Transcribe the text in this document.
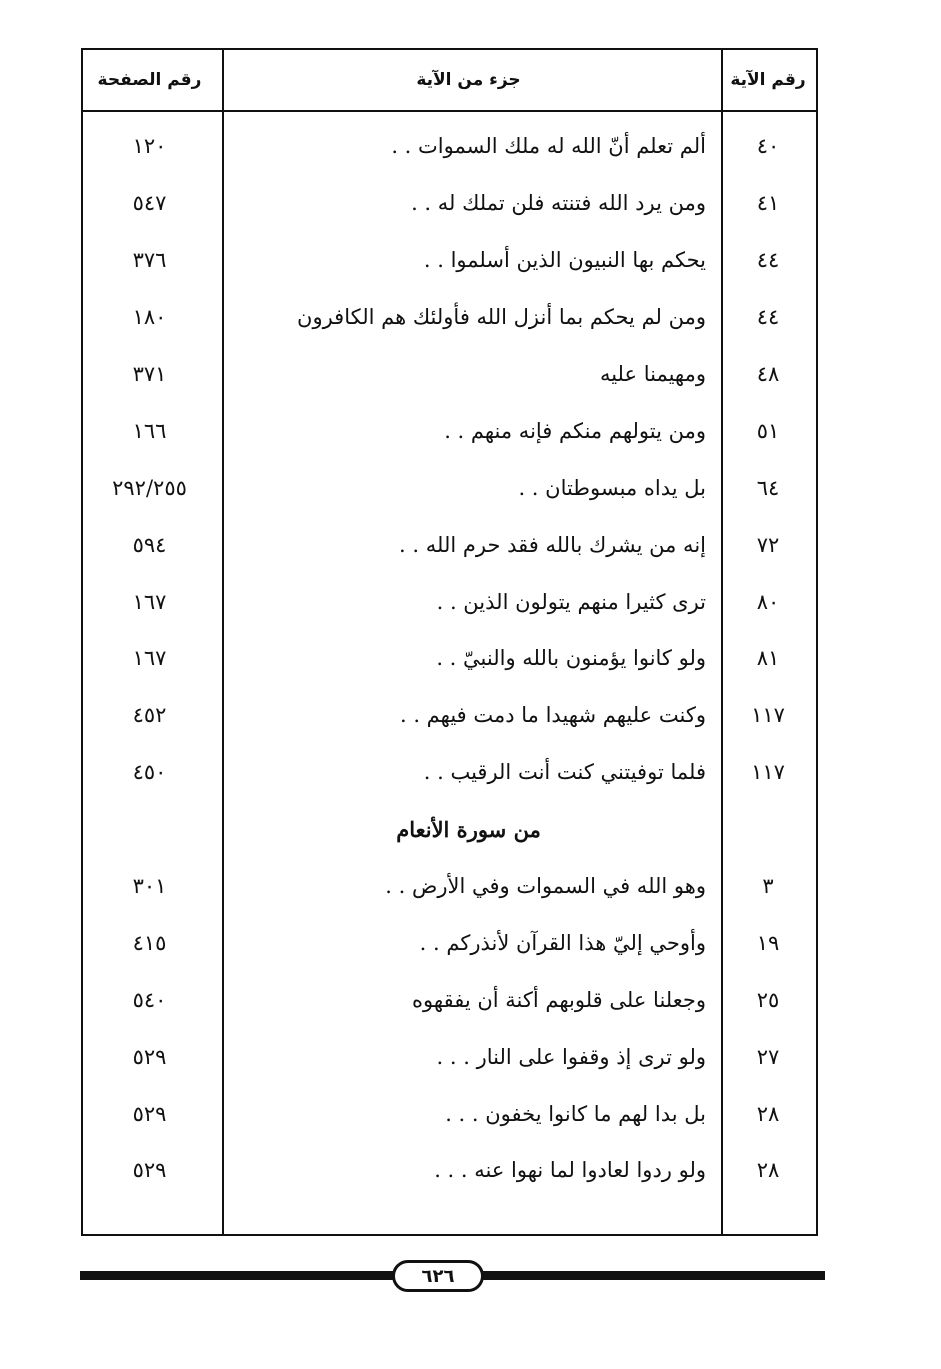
رقم الآية
جزء من الآية
رقم الصفحة
٤٠
ألم تعلم أنّ الله له ملك السموات . .
١٢٠
٤١
ومن يرد الله فتنته فلن تملك له . .
٥٤٧
٤٤
يحكم بها النبيون الذين أسلموا . .
٣٧٦
٤٤
ومن لم يحكم بما أنزل الله فأولئك هم الكافرون
١٨٠
٤٨
ومهيمنا عليه
٣٧١
٥١
ومن يتولهم منكم فإنه منهم . .
١٦٦
٦٤
بل يداه مبسوطتان . .
٢٩٢/٢٥٥
٧٢
إنه من يشرك بالله فقد حرم الله . .
٥٩٤
٨٠
ترى كثيرا منهم يتولون الذين . .
١٦٧
٨١
ولو كانوا يؤمنون بالله والنبيّ . .
١٦٧
١١٧
وكنت عليهم شهيدا ما دمت فيهم . .
٤٥٢
١١٧
فلما توفيتني كنت أنت الرقيب . .
٤٥٠
من سورة الأنعام
٣
وهو الله في السموات وفي الأرض . .
٣٠١
١٩
وأوحي إليّ هذا القرآن لأنذركم . .
٤١٥
٢٥
وجعلنا على قلوبهم أكنة أن يفقهوه
٥٤٠
٢٧
ولو ترى إذ وقفوا على النار . . .
٥٢٩
٢٨
بل بدا لهم ما كانوا يخفون . . .
٥٢٩
٢٨
ولو ردوا لعادوا لما نهوا عنه . . .
٥٢٩
٦٢٦
